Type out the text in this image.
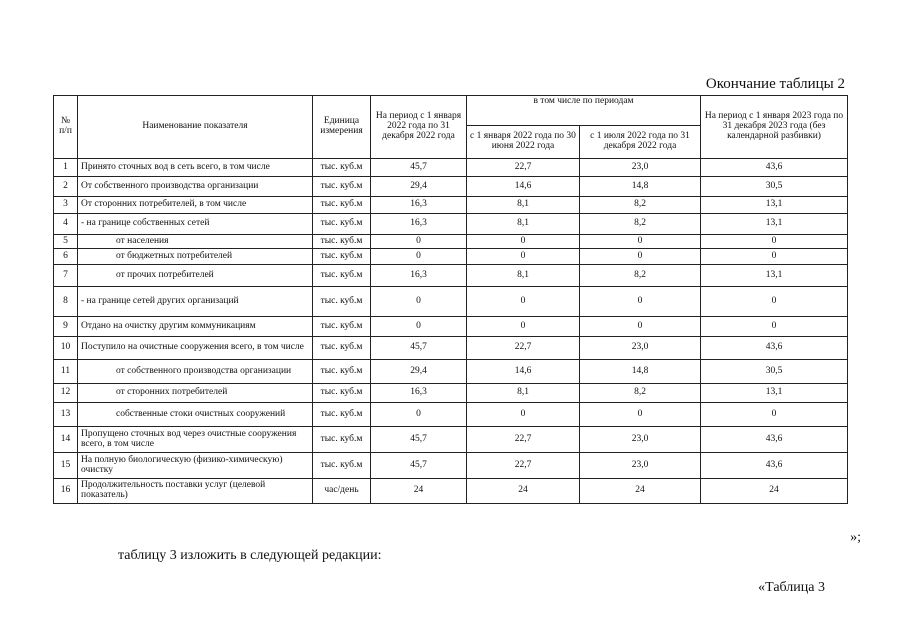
Окончание таблицы 2
№ п/п	Наименование показателя	Единица измерения	На период с 1 января 2022 года по 31 декабря 2022 года	в том числе по периодам		На период с 1 января 2023 года по 31 декабря 2023 года (без календарной разбивки)
				с 1 января 2022 года по 30 июня 2022 года	с 1 июля 2022 года по 31 декабря 2022 года	
1	Принято сточных вод в сеть всего, в том числе	тыс. куб.м	45,7	22,7	23,0	43,6
2	От собственного производства организации	тыс. куб.м	29,4	14,6	14,8	30,5
3	От сторонних потребителей, в том числе	тыс. куб.м	16,3	8,1	8,2	13,1
4	- на границе собственных сетей	тыс. куб.м	16,3	8,1	8,2	13,1
5	от населения	тыс. куб.м	0	0	0	0
6	от бюджетных потребителей	тыс. куб.м	0	0	0	0
7	от прочих потребителей	тыс. куб.м	16,3	8,1	8,2	13,1
8	- на границе сетей других организаций	тыс. куб.м	0	0	0	0
9	Отдано на очистку другим коммуникациям	тыс. куб.м	0	0	0	0
10	Поступило на очистные сооружения всего, в том числе	тыс. куб.м	45,7	22,7	23,0	43,6
11	от собственного производства организации	тыс. куб.м	29,4	14,6	14,8	30,5
12	от сторонних потребителей	тыс. куб.м	16,3	8,1	8,2	13,1
13	собственные стоки очистных сооружений	тыс. куб.м	0	0	0	0
14	Пропущено сточных вод через очистные сооружения всего, в том числе	тыс. куб.м	45,7	22,7	23,0	43,6
15	На полную биологическую (физико-химическую) очистку	тыс. куб.м	45,7	22,7	23,0	43,6
16	Продолжительность поставки услуг (целевой показатель)	час/день	24	24	24	24
»;
таблицу 3 изложить в следующей редакции:
«Таблица 3
